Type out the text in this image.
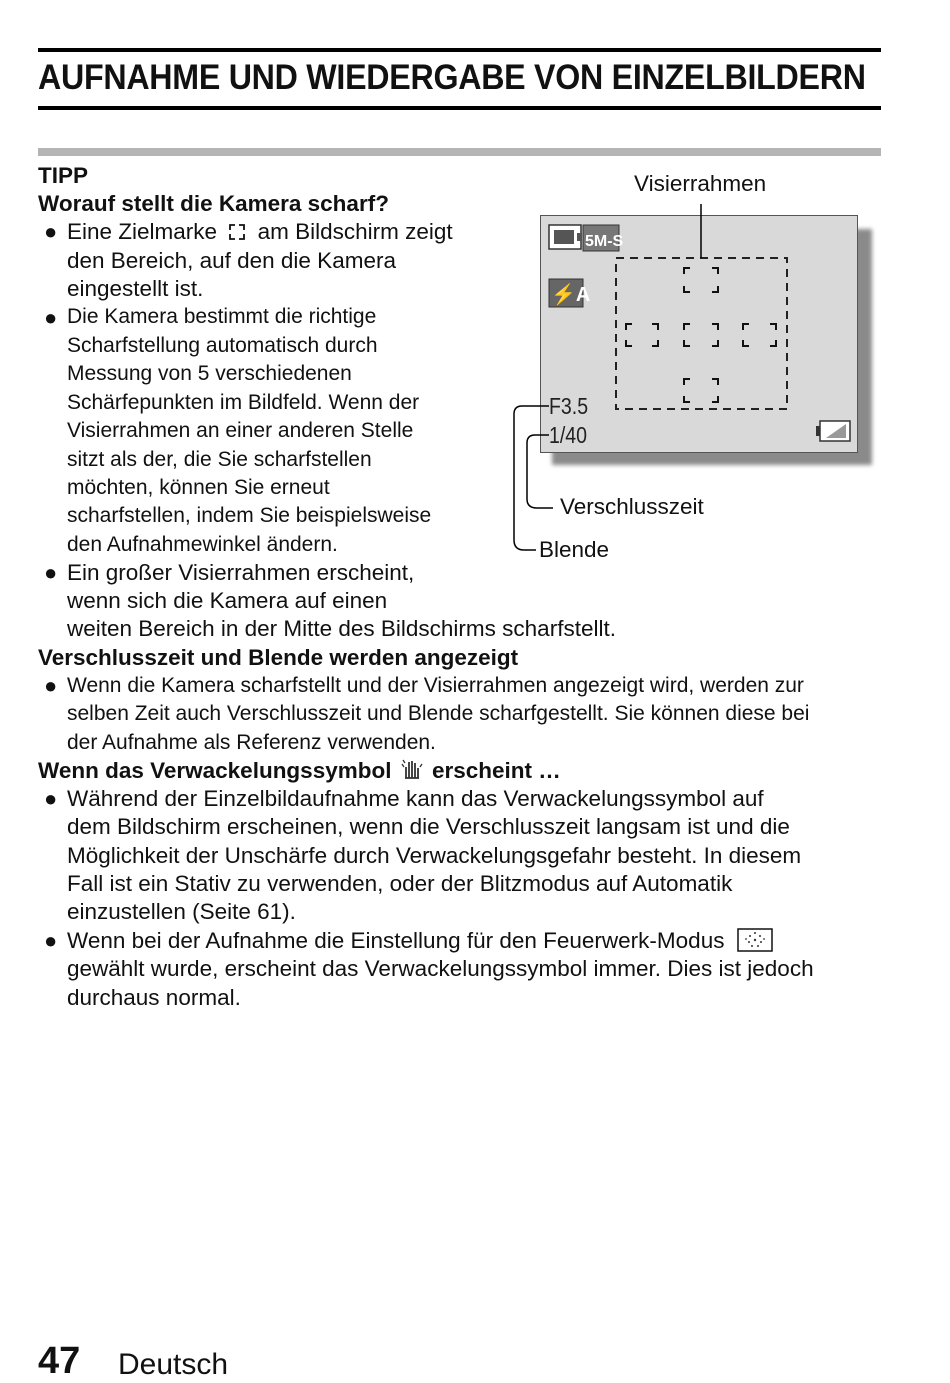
AUFNAHME UND WIEDERGABE VON EINZELBILDERN
TIPP
Worauf stellt die Kamera scharf?
● Eine Zielmarke am Bildschirm zeigt
den Bereich, auf den die Kamera
eingestellt ist.
● Die Kamera bestimmt die richtige
Scharfstellung automatisch durch
Messung von 5 verschiedenen
Schärfepunkten im Bildfeld. Wenn der
Visierrahmen an einer anderen Stelle
sitzt als der, die Sie scharfstellen
möchten, können Sie erneut
scharfstellen, indem Sie beispielsweise
den Aufnahmewinkel ändern.
● Ein großer Visierrahmen erscheint,
wenn sich die Kamera auf einen
weiten Bereich in der Mitte des Bildschirms scharfstellt.
5M-S
⚡A
F3.5
1/40
Visierrahmen
Verschlusszeit
Blende
Verschlusszeit und Blende werden angezeigt
● Wenn die Kamera scharfstellt und der Visierrahmen angezeigt wird, werden zur
selben Zeit auch Verschlusszeit und Blende scharfgestellt. Sie können diese bei
der Aufnahme als Referenz verwenden.
Wenn das Verwackelungssymbol erscheint …
● Während der Einzelbildaufnahme kann das Verwackelungssymbol auf
dem Bildschirm erscheinen, wenn die Verschlusszeit langsam ist und die
Möglichkeit der Unschärfe durch Verwackelungsgefahr besteht. In diesem
Fall ist ein Stativ zu verwenden, oder der Blitzmodus auf Automatik
einzustellen (Seite 61).
● Wenn bei der Aufnahme die Einstellung für den Feuerwerk-Modus
gewählt wurde, erscheint das Verwackelungssymbol immer. Dies ist jedoch
durchaus normal.
47 Deutsch
